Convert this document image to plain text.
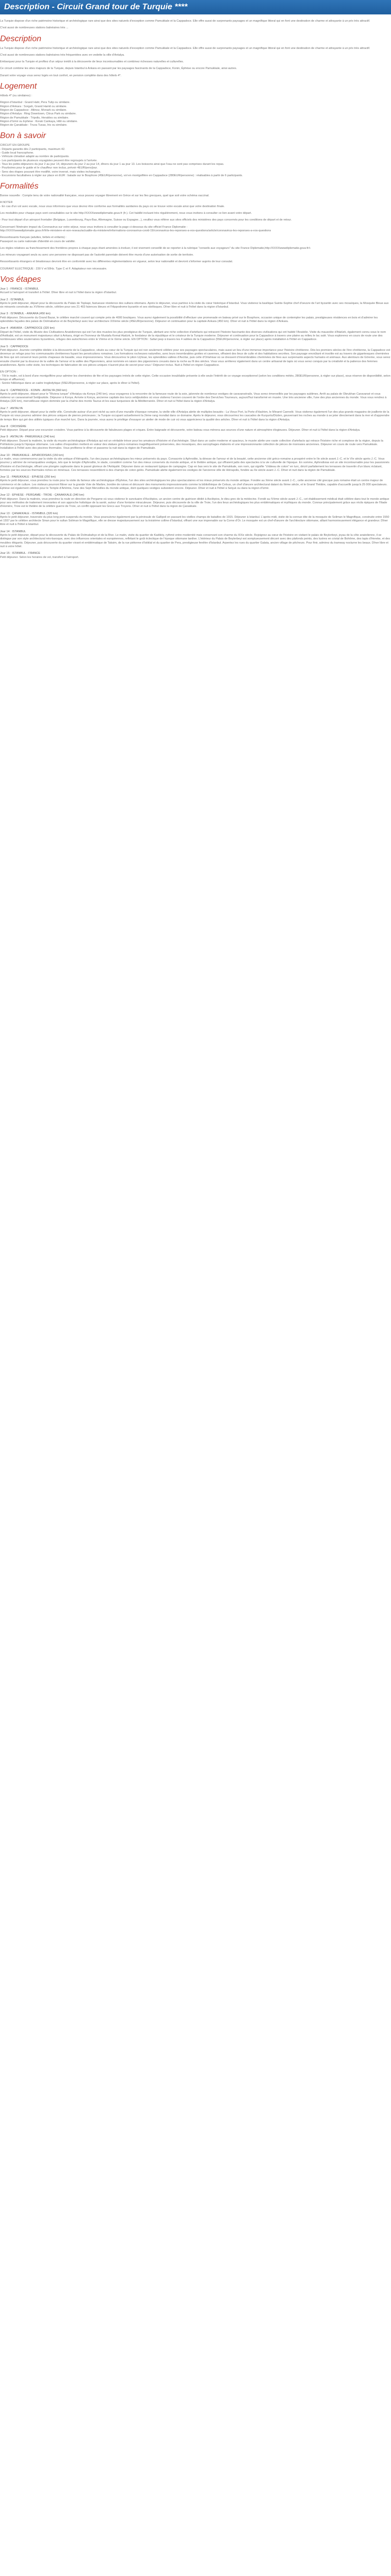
Description - Circuit Grand tour de Turquie ****

La Turquie dispose d'un riche patrimoine historique et archéologique rare ainsi que des sites naturels d'exception comme Pamukkale et la Cappadoce. Elle offre aussi de surprenants paysages et un magnifique littoral qui en font une destination de charme et attrayante à un prix très attractif.

C'est aussi de nombreuses stations balnéaires très ...

Description

La Turquie dispose d'un riche patrimoine historique et archéologique rare ainsi que des sites naturels d'exception comme Pamukkale et la Cappadoce. Elle offre aussi de surprenants paysages et un magnifique littoral qui en font une destination de charme et attrayante à un prix très attractif.

C'est aussi de nombreuses stations balnéaires très fréquentées avec en vedette la ville d'Antalya.

Embarquez pour la Turquie et profitez d'un séjour inédit à la découverte de lieux incontournables et combinez richesses naturelles et culturelles.

Ce circuit combine les sites majeurs de la Turquie, depuis Istanbul à Ankara en passant par les paysages fascinants de la Cappadoce, Konin, Éphèse ou encore Pamukkale, ainsi autres.

Durant votre voyage vous serez logés en tout confort, en pension complète dans des hôtels 4*.

Logement
Hôtels 4* (ou similaires) :
Région d'Istanbul : Grand Hatir, Pera Tulip ou similaire.
Région d'Ankara : Sorgah, Grand Hamit ou similaire.
Région de Cappadoce : Altinoz, Monark ou similaire.
Région d'Antalya : Ring Downtown, Citrus Park ou similaire.
Région de Pamukkale : Tripolis, Herakles ou similaire.
Région d'Izmir ou Ephèse : Korak Cankaya, Hitit ou similaire.
Région de Çanakkale : Truva Tusas, Iris ou similaire.
Bon à savoir
CIRCUIT EN GROUPE
- Départs garantis dès 2 participants, maximum 42.
- Guide local francophone.
- Véhicule climatisé adapté au nombre de participants.
- Les participants de plusieurs voyagistes peuvent être regroupés à l'arrivée.
- Tous les petits-déjeuners du jour 2 au jour 14, déjeuners du jour 2 au jour 14, dîners du jour 1 au jour 13. Les boissons ainsi que l'eau ne sont pas comprises durant les repas.
- Pourboires pour le guide et le chauffeur non inclus, prévoir 4EUR/pers/jour.
- Sens des étapes pouvant être modifié, voire inversé, mais visites inchangées.
- Excursions facultatives à régler sur place en EUR : balade sur le Bosphore (45EUR/personne), vol en montgolfière en Cappadoce (280EUR/personne) : réalisables à partir de 6 participants.
Formalités

Bonne nouvelle : Compte tenu de votre nationalité française, vous pouvez voyager librement en Grèce et sur les îles grecques, quel que soit votre schéma vaccinal.

A NOTER

- En cas d'un vol avec escale, nous vous informons que vous devrez être conforme aux formalités sanitaires du pays où se trouve votre escale ainsi que votre destination finale.

Les modalités pour chaque pays sont consultables sur le site http://XXXXwwwdiplomatie.gouv.fr (fr.). Cet habillé incluant très régulièrement, nous vous invitons à consulter ce lien avant votre départ.

- Pour tout départ d'un aéroport frontalier (Belgique, Luxembourg, Pays-Bas, Allemagne, Suisse ou Espagne...), veuillez vous référer aux sites officiels des ministères des pays concernés pour les conditions de départ et de retour.

Concernant l'itinéraire impact du Coronavirus sur votre séjour, nous vous invitons à consulter la page ci-dessous du site officiel France Diplomatie :

http://XXXXwwwdiplomatie.gouv.fr/fr/le-ministere-et-son-reseau/actualite-du-ministere/informations-coronavirus-covid-19/coronavirus-les-reponses-a-vos-questions/article/coronavirus-les-reponses-a-vos-questions

Ressortissants français (adultes, bébés et enfants) :

Passeport ou carte nationale d'identité en cours de validité.

Les règles relatives au franchissement des frontières propres à chaque pays étant amenées à évoluer, il est vivement conseillé de se reporter à la rubrique "conseils aux voyageurs" du site France Diplomatie,http://XXXXwwwdiplomatie.gouv.fr/r.

Les mineurs voyageant seuls ou avec une personne ne disposant pas de l'autorité parentale doivent être munis d'une autorisation de sortie de territoire.

Ressortissants étrangers et binationaux devront être en conformité avec les différentes réglementations en vigueur, selon leur nationalité et devront s'informer auprès de leur consulat.

COURANT ELECTRIQUE : 230 V et 50Hz. Type C et F. Adaptateur non nécessaire.

Vos étapes
Jour 1 : FRANCE - ISTANBUL
Accueil à l'aéroport et transfert à l'hôtel. Dîner libre et nuit à l'hôtel dans la région d'Istanbul.
Jour 2 : ISTANBUL
Après le petit déjeuner, départ pour la découverte du Palais de Topkapi, fastueuse résidence des sultans ottomans. Après le déjeuner, vous partirez à la visite du cœur historique d'Istanbul. Vous visiterez la basilique Sainte-Sophie chef d'oeuvre de l'art byzantin avec ses mosaïques, la Mosquée Bleue aux six minarets construite au XVIIème siècle, célèbre pour ses 21 403 faïences bleues et l'Hippodrome byzantin et ses obélisques. Dîner libre et nuit à l'hôtel dans la région d'Istanbul.
Jour 3 : ISTANBUL - ANKARA (450 km)
Petit déjeuner. Découverte du Grand Bazar, le célèbre marché couvert qui compte près de 4000 boutiques. Vous aurez également la possibilité d'effectuer une promenade en bateau privé sur le Bosphore, occasion unique de contempler les palais, prestigieuses résidences en bois et d'admirer les splendides façades des palais de Dolmabahce et de Beylerbeyi avec leur architecture XIXème siècle (45EUR/personne). Déjeuner et continuation pour la capitale Ankara (450 km). Dîner et nuit à l'hôtel dans la région d'Ankara.
Jour 4 : ANKARA - CAPPADOCE (320 km)
Départ de l'hôtel, visite du Musée des Civilisations Anatoliennes qui est l'un des musées les plus prestigieux de Turquie, abritant une riche collection d'artefacts qui retracent l'histoire fascinante des diverses civilisations qui ont habité l'Anatolie. Visite du mausolée d'Atatürk, également connu sous le nom d'Anitkabir, est un monument majestueux situé à Ankara, érigé en l'honneur de Mustafa Kemal Atatürk, le fondateur de la république et le créateur de la Turquie moderne. Déjeuner et continuation pour la Cappadoce à travers une plaine au milieu le lac salé. Vous explorerez en cours de route une des nombreuses villes souterraines byzantines, refuges des autochtones entre le VIème et le Xème siècle. EN OPTION : Safari jeep à travers les 4 vallées de la Cappadoce (55EUR/personne, à régler sur place) après installation à l'hôtel en Cappadoce.
Jour 5 : CAPPADOCE
Petit déjeuner. Journée complète dédiée à la découverte de la Cappadoce, située au cœur de la Turquie qui est non seulement célèbre pour ses paysages spectaculaires, mais aussi un lieu d'une immense importance pour l'histoire chrétienne. Dès les premiers siècles de l'ère chrétienne, la Cappadoce est devenue un refuge pour les communautés chrétiennes fuyant les persécutions romaines. Les formations rocheuses naturelles, avec leurs innombrables grottes et cavernes, offraient des lieux de culte et des habitations secrètes. Son paysage envoûtant et insolite est au travers de gigantesques cheminées de fées qui ont conservé leurs peints chapeaux de basalte, vous impressionnera. Vous découvrirez le piton Uçhisar, les splendides vallées d'Avcilar, puis celle d'Ortahisar où se dressent d'innombrables cheminées de fées aux surprenants aspects humains et animaux. Aux alentours de Göreme, vous serez ensuite charmé par la douceur de la vallée de l'amour et la vallée des Pigeonniers, ainsi nommée en raison des pigeonniers creusés dans la roche au fil des siècles. Vous vous arrêterez également dans un centre artisanal de tapis où vous serez conquis par la créativité et la patience des femmes anatoliennes. Après cette visite, les techniques de fabrication de ces pièces uniques n'auront plus de secret pour vous ! Déjeuner inclus. Nuit à l'hôtel en région Cappadoce.
EN OPTION :
- Tôt le matin, vol à bord d'une montgolfière pour admirer les cheminées de fée et les paysages irréels de cette région. Cette occasion inoubliable présente à elle seule l'intérêt de ce voyage exceptionnel (selon les conditions météo, 280EUR/personne, à régler sur place), sous réserve de disponibilité, selon temps et affluence).
- Soirée folklorique dans un cadre troglodytique (55EUR/personne, à régler sur place, après le dîner à l'hôtel).
Jour 6 : CAPPADOCE - KONIN - ANTALYA (560 km)
Après le petit-déjeuner, départ pour le "Riviera turque" d'Antalya via Konya (240 km), vous voyagerez à la rencontre de la fameuse route de la soie, jalonnée de nombreux vestiges de caravansérails. Vous serez émerveillés par les paysages sublimes. Arrêt au palais de Obrukhan Caravansé et vous visiterez un caravansérail Seldjoukide. Déjeuner à Konya. Arrivée à Konya, ancienne capitale des turcs seldjoukides où vous visiterez l'ancien couvent de l'ordre des Derviches Tourneurs, aujourd'hui transformé en musée. Une très ancienne ville, l'une des plus anciennes du monde. Vous vous rendrez à Antalya (320 km), merveilleuse région dominée par la chaîne des monts Taurus et les eaux turquoises de la Méditerranée. Dîner et nuit à l'hôtel dans la région d'Antalya.
Jour 7 : ANTALYA
Après le petit déjeuner, départ pour la vieille ville. Construite autour d'un port niché au sein d'une muraille d'époque romaine, la vieille ville d'Antalya abrite de multiples beautés : La Vieux Port, la Porte d'Hadrien, le Minaret Cannelé. Vous visiterez également l'un des plus grands magasins de joaillerie de la Turquie où vous pourrez admirer des pièces uniques de pierres précieuses ; la Turquie occupant actuellement la 2ème rang mondial dans ce domaine. Après le déjeuner, vous découvrirez les cascades de Kurşunlu/Düden, gouvernant les roches au monde à se jeter directement dans la mer et d'apprendre de temps libre qui gré des utilités typiques d'un marché turc. Dans la journée, vous aurez le privilège d'essayer un atelier de mode de cuir où vous apprécierez la qualité des articles. Dîner et nuit à l'hôtel dans la région d'Antalya.
Jour 8 : CROISIÈRE
Petit déjeuner. Départ pour une excursion croisière. Vous partirez à la découverte de fabuleuses plages et criques. Entre baignade et découverte, votre bateau vous mènera aux sources d'une nature et atmosphère élogieuses. Déjeuner. Dîner et nuit à l'hôtel dans la région d'Antalya.
Jour 9 : ANTALYA - PAMUKKALE (240 km)
Petit déjeuner. Durant la matinée, la visite du musée archéologique d'Antalya qui est un véritable trésor pour les amateurs d'histoire et d'archéologie. Situé dans un cadre moderne et spacieux, le musée abrite une vaste collection d'artefacts qui retrace l'histoire riche et complexe de la région, depuis la Préhistoire jusqu'à l'époque ottomane. Les salles d'exposition mettent en valeur des statues gréco-romaines magnifiquement préservées, des mosaïques, des sarcophages élaborés et une impressionnante collection de pièces de monnaies anciennes. Déjeuner en cours de route vers Pamukkale. Installation à l'hôtel avec des piscines thermales. Vous profiterez le dîner et passerez la nuit dans la région de Pamukkale.
Jour 10 : PAMUKKALE - APHRODISIAS (150 km)
Le matin, vous commencerez par la visite du site antique d'Hiérapolis, l'un des joyaux archéologiques les mieux préservés du pays. Consacrée à Aphrodite, la déesse de l'amour et de la beauté, cette ancienne cité gréco-romaine a prospéré entre le IIe siècle avant J.-C. et le VIe siècle après J.-C. Vous pourrez y admirer de remarquables vestiges, tels que le temple d'Aphrodite, le stade, considéré comme l'un des mieux conservés du monde antique, et le théâtre antique, qui offraient jadis des spectacles à la vie culturelle de l'époque. En somme, Aphrodisias est un site incontournable pour les passionnés d'histoire et d'archéologie, offrant une plongée captivante dans le passé glorieux de l'Antiquité. Déjeuner dans un restaurant typique de campagne. Cap en bas vers le site de Pamukkale, son nom, qui signifie "château de coton" en turc, décrit parfaitement les terrasses de travertin d'un blanc éclatant, formées par les sources thermales riches en minéraux. Ces terrasses ressemblent à des champs de coton gelés. Pamukkale abrite également les vestiges de l'ancienne ville de Hiérapolis, fondée au IIe siècle avant J.-C. Dîner et nuit dans la région de Pamukkale.
Jour 11 : PAMUKKALE - EPHESE (250 km)
Après le petit déjeuner, vous prendrez la route pour la visite du fameux site archéologique d'Éphèse, l'un des sites archéologiques les plus spectaculaires et les mieux préservés du monde antique. Fondée au Xème siècle avant J.-C., cette ancienne cité grecque puis romaine était un centre majeur de commerce et de culture. Les visiteurs pourront flâner sur la grande Voie de Marbre, bordée de ruines et découvrir des monuments impressionnants comme la bibliothèque de Celsus, un chef d'œuvre architectural datant du IIème siècle, et le Grand Théâtre, capable d'accueillir jusqu'à 25 000 spectateurs. Éphèse est également célèbre pour le Temple d'Artémis, l'une des Sept Merveilles du monde antique, dont quelques vestiges subsistent encore. Déjeuner. Dîner et nuit à l'hôtel à Selçuk ou dans la région d'Izmir.
Jour 12 : EPHESE - PERGAME - TROIE - ÇANAKKALE (340 km)
Petit déjeuner. Dans la matinée, vous prendrez la route en direction de Pergame où vous visiterez le sanctuaire d'Asclépios, un ancien centre de guérison dédié à Asclépios, le dieu grec de la médecine. Fondé au IVème siècle avant J.-C., cet établissement médical était célèbre dans tout le monde antique pour ses méthodes de traitement innovantes et son approche holistique de la santé, autour d'une fontaine miraculeuse. Déjeuner, puis découverte de la ville de Troie, l'un des lieux archéologiques les plus emblématiques et mythiques du monde. Connue principalement grâce aux récits épiques de l'Iliade d'Homère, Troie est le théâtre de la célèbre guerre de Troie, un conflit opposant les Grecs aux Troyens. Dîner et nuit à l'hôtel dans la région de Çanakkale.
Jour 13 : ÇANAKKALE - ISTANBUL (320 km)
Après le petit déjeuner, traversée du plus long pont suspendu du monde. Vous poursuivrez également par la péninsule de Gallipoli en passant les vieilles champs de batailles de 1915. Déjeuner à Istanbul. L'après-midi, visite de la connue dite de la mosquée de Soliman le Magnifique, construite entre 1550 et 1557 par le célèbre architecte Sinan pour le sultan Soliman le Magnifique, elle se dresse majestueusement sur la troisième colline d'Istanbul, offrant une vue imprenable sur la Corne d'Or. Le mosquée est un chef-d'œuvre de l'architecture ottomane, alliant harmonieusement élégance et grandeur. Dîner libre et nuit à l'hôtel à Istanbul.
Jour 14 : ISTANBUL
Après le petit déjeuner, départ pour la découverte du Palais de Dolmabahçe et de la Rive. Le matin, visite du quartier de Kadiköy, rythmé entre modernité mais conservant son charme du XIXe siècle. Rejoignez au cœur de l'histoire en visitant le palais de Beylerbeyi, joyau de la côte anatolienne, il se distingue par son style architectural néo-baroque, avec des influences orientales et européennes, reflétant le goût éclectique de l'époque ottomane tardive. L'intérieur du Palais de Beylerbeyi est somptueusement décoré avec des plafonds peints, des lustres en cristal de Bohême, des tapis d'Hereke, et des meubles élégants. Déjeuner, puis découverte du quartier vivant et emblématique de Taksim, de la rue piétonne d'Istiklal et du quartier de Pera, prestigieuse fenêtre d'Istanbul. Arpentez les rues du quartier Galata, ancien village de pêcheurs. Pour finir, admirez du tramway nocturne les beaux. Dîner libre et nuit à votre hôtel.
Jour 15 : ISTANBUL - FRANCE
Petit déjeuner. Selon les horaires de vol, transfert à l'aéroport.
